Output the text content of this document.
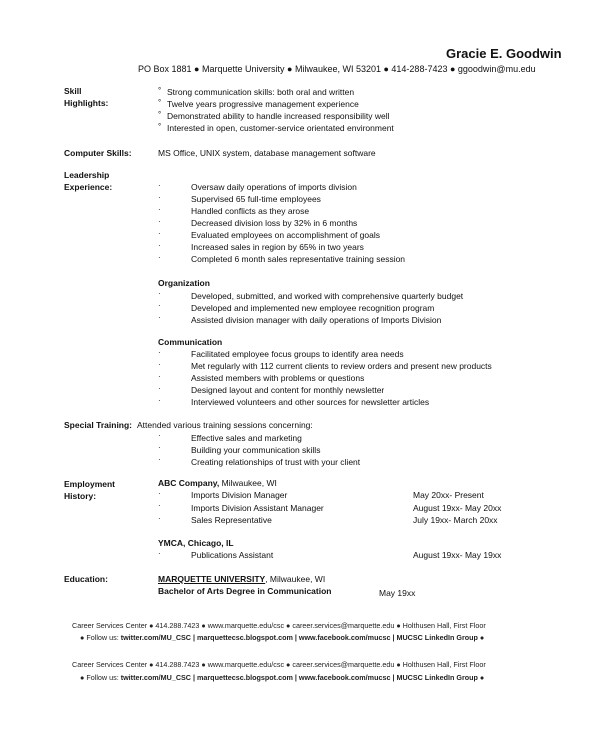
Gracie E. Goodwin
PO Box 1881 ● Marquette University ● Milwaukee, WI 53201 ● 414-288-7423 ● ggoodwin@mu.edu
Skill
Highlights:
° Strong communication skills: both oral and written
° Twelve years progressive management experience
° Demonstrated ability to handle increased responsibility well
° Interested in open, customer-service orientated environment
Computer Skills:	MS Office, UNIX system, database management software
Leadership
Experience:	·	Oversaw daily operations of imports division
·	Supervised 65 full-time employees
·	Handled conflicts as they arose
·	Decreased division loss by 32% in 6 months
·	Evaluated employees on accomplishment of goals
·	Increased sales in region by 65% in two years
·	Completed 6 month sales representative training session
Organization
·	Developed, submitted, and worked with comprehensive quarterly budget
·	Developed and implemented new employee recognition program
·	Assisted division manager with daily operations of Imports Division
Communication
·	Facilitated employee focus groups to identify area needs
·	Met regularly with 112 current clients to review orders and present new products
·	Assisted members with problems or questions
·	Designed layout and content for monthly newsletter
·	Interviewed volunteers and other sources for newsletter articles
Special Training: Attended various training sessions concerning:
·	Effective sales and marketing
·	Building your communication skills
·	Creating relationships of trust with your client
Employment
History:
ABC Company, Milwaukee, WI
·	Imports Division Manager	May 20xx- Present
·	Imports Division Assistant Manager	August 19xx- May 20xx
·	Sales Representative	July 19xx- March 20xx
YMCA, Chicago, IL
·	Publications Assistant	August 19xx- May 19xx
Education:	MARQUETTE UNIVERSITY, Milwaukee, WI
Bachelor of Arts Degree in Communication	May 19xx
Career Services Center ● 414.288.7423 ● www.marquette.edu/csc ● career.services@marquette.edu ● Holthusen Hall, First Floor
● Follow us: twitter.com/MU_CSC | marquettecsc.blogspot.com | www.facebook.com/mucsc | MUCSC LinkedIn Group ●
Career Services Center ● 414.288.7423 ● www.marquette.edu/csc ● career.services@marquette.edu ● Holthusen Hall, First Floor
● Follow us: twitter.com/MU_CSC | marquettecsc.blogspot.com | www.facebook.com/mucsc | MUCSC LinkedIn Group ●
